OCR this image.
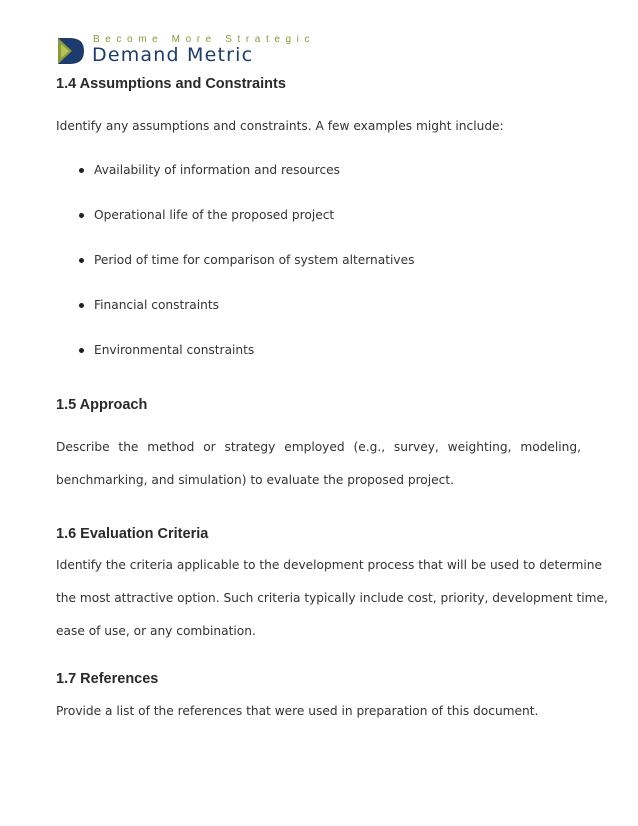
Become More Strategic
Demand Metric
1.4 Assumptions and Constraints

Identify any assumptions and constraints. A few examples might include:

Availability of information and resources
Operational life of the proposed project
Period of time for comparison of system alternatives
Financial constraints
Environmental constraints
1.5 Approach

Describe the method or strategy employed (e.g., survey, weighting, modeling,

benchmarking, and simulation) to evaluate the proposed project.

1.6 Evaluation Criteria

Identify the criteria applicable to the development process that will be used to determine

the most attractive option. Such criteria typically include cost, priority, development time,

ease of use, or any combination.

1.7 References

Provide a list of the references that were used in preparation of this document.
